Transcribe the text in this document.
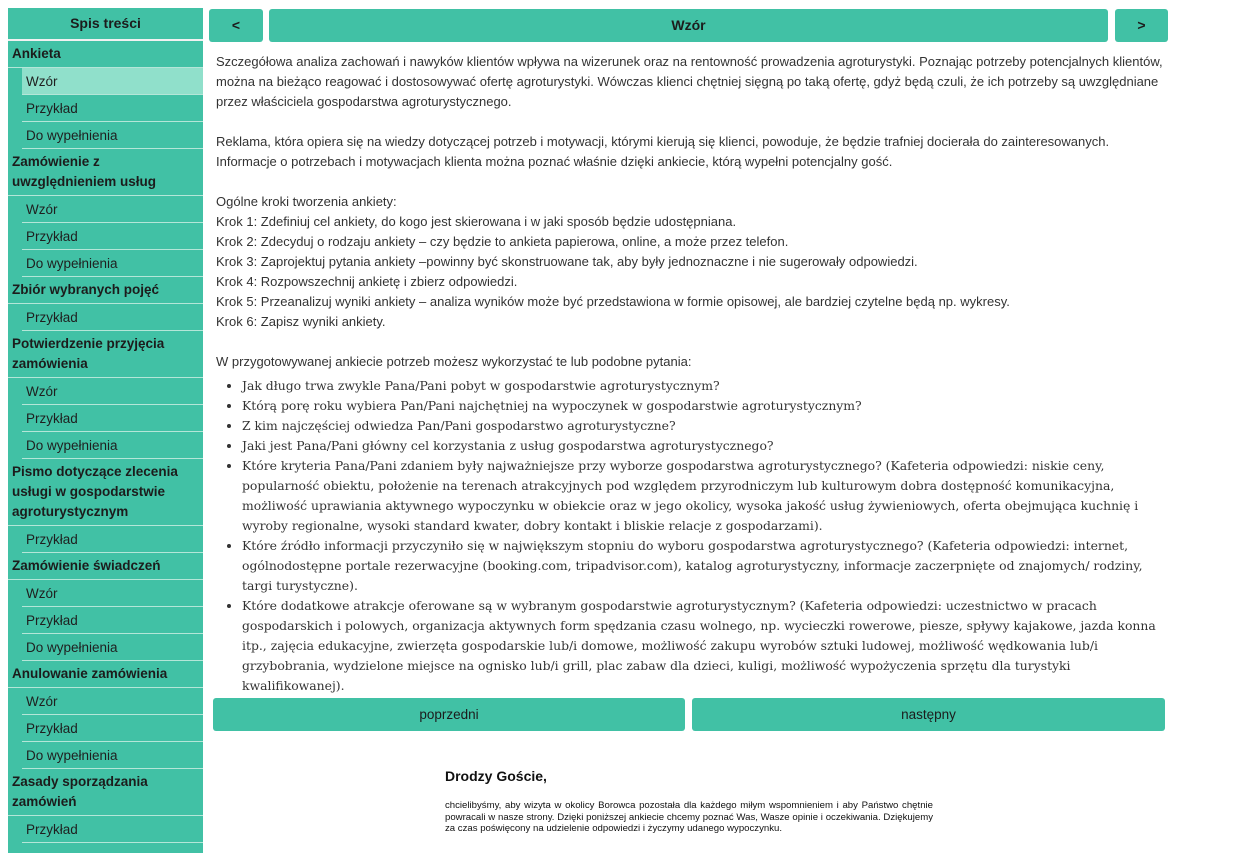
Spis treści
Ankieta
Wzór
Przykład
Do wypełnienia
Zamówienie z uwzględnieniem usług
Wzór
Przykład
Do wypełnienia
Zbiór wybranych pojęć
Przykład
Potwierdzenie przyjęcia zamówienia
Wzór
Przykład
Do wypełnienia
Pismo dotyczące zlecenia usługi w gospodarstwie agroturystycznym
Przykład
Zamówienie świadczeń
Wzór
Przykład
Do wypełnienia
Anulowanie zamówienia
Wzór
Przykład
Do wypełnienia
Zasady sporządzania zamówień
Przykład
<	Wzór	>

Szczegółowa analiza zachowań i nawyków klientów wpływa na wizerunek oraz na rentowność prowadzenia agroturystyki. Poznając potrzeby potencjalnych klientów, można na bieżąco reagować i dostosowywać ofertę agroturystyki. Wówczas klienci chętniej sięgną po taką ofertę, gdyż będą czuli, że ich potrzeby są uwzględniane przez właściciela gospodarstwa agroturystycznego.

Reklama, która opiera się na wiedzy dotyczącej potrzeb i motywacji, którymi kierują się klienci, powoduje, że będzie trafniej docierała do zainteresowanych. Informacje o potrzebach i motywacjach klienta można poznać właśnie dzięki ankiecie, którą wypełni potencjalny gość.

Ogólne kroki tworzenia ankiety:

Krok 1: Zdefiniuj cel ankiety, do kogo jest skierowana i w jaki sposób będzie udostępniana.

Krok 2: Zdecyduj o rodzaju ankiety – czy będzie to ankieta papierowa, online, a może przez telefon.

Krok 3: Zaprojektuj pytania ankiety –powinny być skonstruowane tak, aby były jednoznaczne i nie sugerowały odpowiedzi.

Krok 4: Rozpowszechnij ankietę i zbierz odpowiedzi.

Krok 5: Przeanalizuj wyniki ankiety – analiza wyników może być przedstawiona w formie opisowej, ale bardziej czytelne będą np. wykresy.

Krok 6: Zapisz wyniki ankiety.

W przygotowywanej ankiecie potrzeb możesz wykorzystać te lub podobne pytania:

• Jak długo trwa zwykle Pana/Pani pobyt w gospodarstwie agroturystycznym?
• Którą porę roku wybiera Pan/Pani najchętniej na wypoczynek w gospodarstwie agroturystycznym?
• Z kim najczęściej odwiedza Pan/Pani gospodarstwo agroturystyczne?
• Jaki jest Pana/Pani główny cel korzystania z usług gospodarstwa agroturystycznego?
• Które kryteria Pana/Pani zdaniem były najważniejsze przy wyborze gospodarstwa agroturystycznego? (Kafeteria odpowiedzi: niskie ceny, popularność obiektu, położenie na terenach atrakcyjnych pod względem przyrodniczym lub kulturowym dobra dostępność komunikacyjna, możliwość uprawiania aktywnego wypoczynku w obiekcie oraz w jego okolicy, wysoka jakość usług żywieniowych, oferta obejmująca kuchnię i wyroby regionalne, wysoki standard kwater, dobry kontakt i bliskie relacje z gospodarzami).
• Które źródło informacji przyczyniło się w największym stopniu do wyboru gospodarstwa agroturystycznego? (Kafeteria odpowiedzi: internet, ogólnodostępne portale rezerwacyjne (booking.com, tripadvisor.com), katalog agroturystyczny, informacje zaczerpnięte od znajomych/ rodziny, targi turystyczne).
• Które dodatkowe atrakcje oferowane są w wybranym gospodarstwie agroturystycznym? (Kafeteria odpowiedzi: uczestnictwo w pracach gospodarskich i polowych, organizacja aktywnych form spędzania czasu wolnego, np. wycieczki rowerowe, piesze, spływy kajakowe, jazda konna itp., zajęcia edukacyjne, zwierzęta gospodarskie lub/i domowe, możliwość zakupu wyrobów sztuki ludowej, możliwość wędkowania lub/i grzybobrania, wydzielone miejsce na ognisko lub/i grill, plac zabaw dla dzieci, kuligi, możliwość wypożyczenia sprzętu dla turystyki kwalifikowanej).
poprzedni	następny
Drodzy Goście,
chcielibyśmy, aby wizyta w okolicy Borowca pozostała dla każdego miłym wspomnieniem i aby Państwo chętnie powracali w nasze strony. Dzięki poniższej ankiecie chcemy poznać Was, Wasze opinie i oczekiwania. Dziękujemy za czas poświęcony na udzielenie odpowiedzi i życzymy udanego wypoczynku.
